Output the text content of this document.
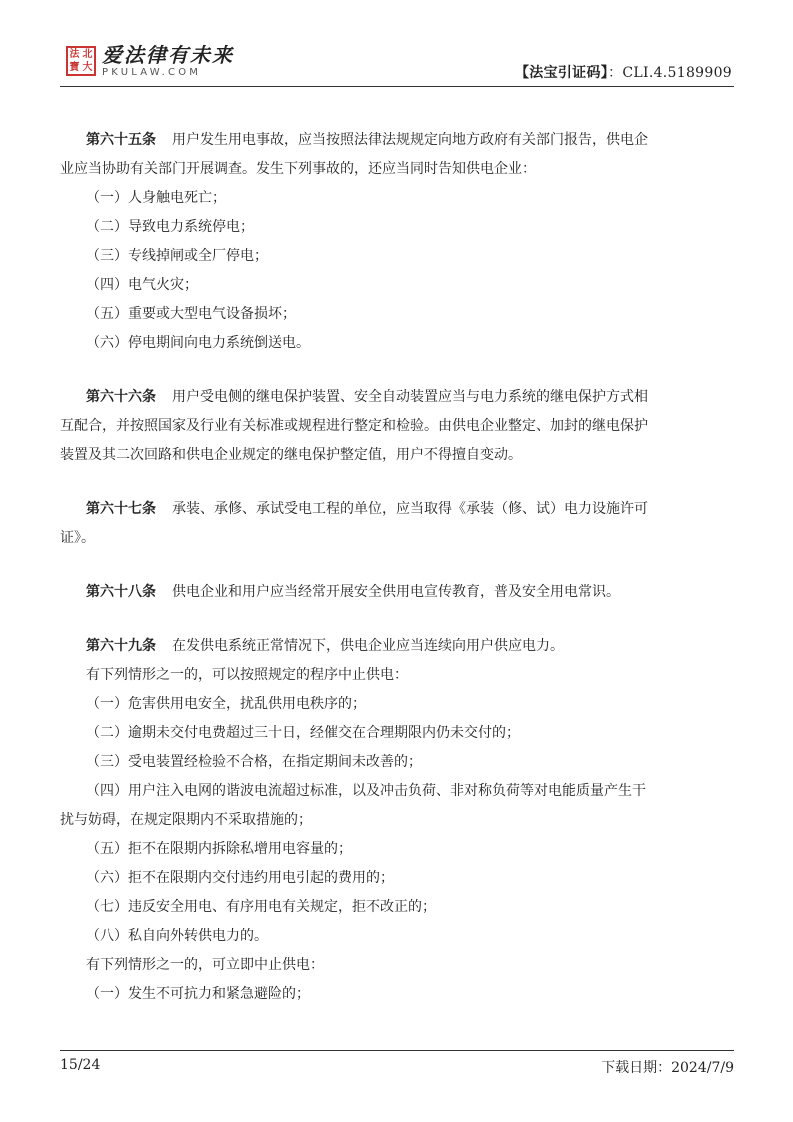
法 北
寶 大
爱法律有未来
PKULAW.COM	【法宝引证码】：CLI.4.5189909
第六十五条 用户发生用电事故，应当按照法律法规规定向地方政府有关部门报告，供电企
业应当协助有关部门开展调查。发生下列事故的，还应当同时告知供电企业：
（一）人身触电死亡；
（二）导致电力系统停电；
（三）专线掉闸或全厂停电；
（四）电气火灾；
（五）重要或大型电气设备损坏；
（六）停电期间向电力系统倒送电。
第六十六条 用户受电侧的继电保护装置、安全自动装置应当与电力系统的继电保护方式相
互配合，并按照国家及行业有关标准或规程进行整定和检验。由供电企业整定、加封的继电保护
装置及其二次回路和供电企业规定的继电保护整定值，用户不得擅自变动。
第六十七条 承装、承修、承试受电工程的单位，应当取得《承装（修、试）电力设施许可
证》。
第六十八条 供电企业和用户应当经常开展安全供用电宣传教育，普及安全用电常识。
第六十九条 在发供电系统正常情况下，供电企业应当连续向用户供应电力。
有下列情形之一的，可以按照规定的程序中止供电：
（一）危害供用电安全，扰乱供用电秩序的；
（二）逾期未交付电费超过三十日，经催交在合理期限内仍未交付的；
（三）受电装置经检验不合格，在指定期间未改善的；
（四）用户注入电网的谐波电流超过标准，以及冲击负荷、非对称负荷等对电能质量产生干
扰与妨碍，在规定限期内不采取措施的；
（五）拒不在限期内拆除私增用电容量的；
（六）拒不在限期内交付违约用电引起的费用的；
（七）违反安全用电、有序用电有关规定，拒不改正的；
（八）私自向外转供电力的。
有下列情形之一的，可立即中止供电：
（一）发生不可抗力和紧急避险的；
15/24	下载日期：2024/7/9
